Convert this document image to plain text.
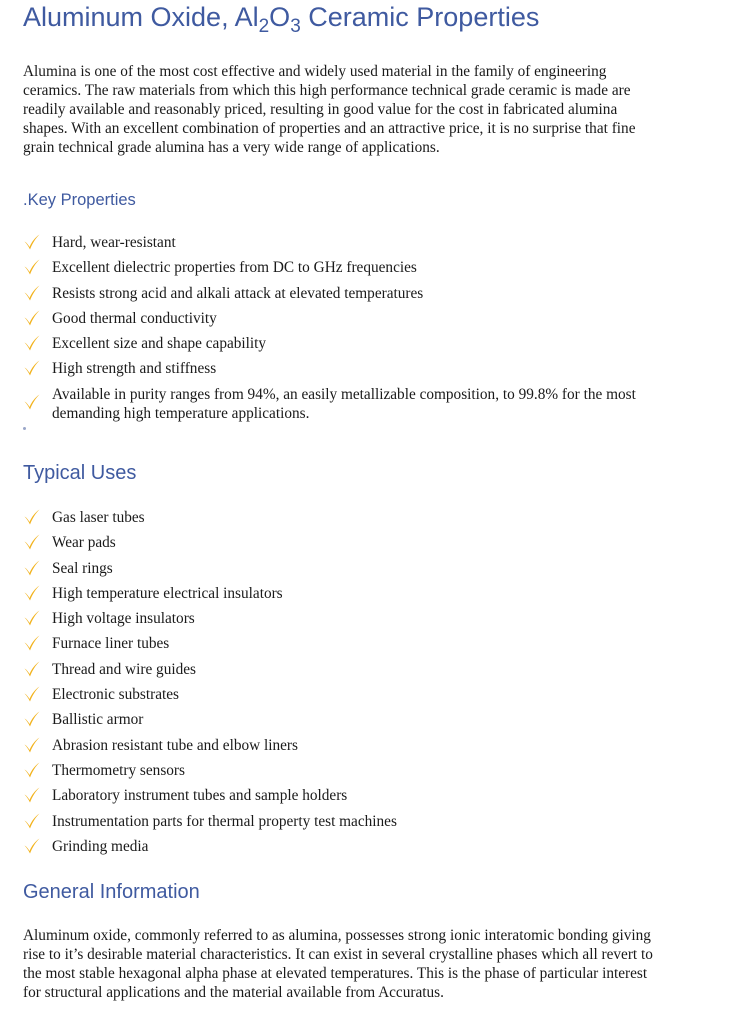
Aluminum Oxide, $Al_2O_3$ Ceramic Properties

Alumina is one of the most cost effective and widely used material in the family of engineering ceramics. The raw materials from which this high performance technical grade ceramic is made are readily available and reasonably priced, resulting in good value for the cost in fabricated alumina shapes. With an excellent combination of properties and an attractive price, it is no surprise that fine grain technical grade alumina has a very wide range of applications.

.Key Properties
Hard, wear-resistant
Excellent dielectric properties from DC to GHz frequencies
Resists strong acid and alkali attack at elevated temperatures
Good thermal conductivity
Excellent size and shape capability
High strength and stiffness
Available in purity ranges from 94%, an easily metallizable composition, to 99.8% for the most demanding high temperature applications.
Typical Uses
Gas laser tubes
Wear pads
Seal rings
High temperature electrical insulators
High voltage insulators
Furnace liner tubes
Thread and wire guides
Electronic substrates
Ballistic armor
Abrasion resistant tube and elbow liners
Thermometry sensors
Laboratory instrument tubes and sample holders
Instrumentation parts for thermal property test machines
Grinding media
General Information

Aluminum oxide, commonly referred to as alumina, possesses strong ionic interatomic bonding giving rise to it’s desirable material characteristics. It can exist in several crystalline phases which all revert to the most stable hexagonal alpha phase at elevated temperatures. This is the phase of particular interest for structural applications and the material available from Accuratus.
